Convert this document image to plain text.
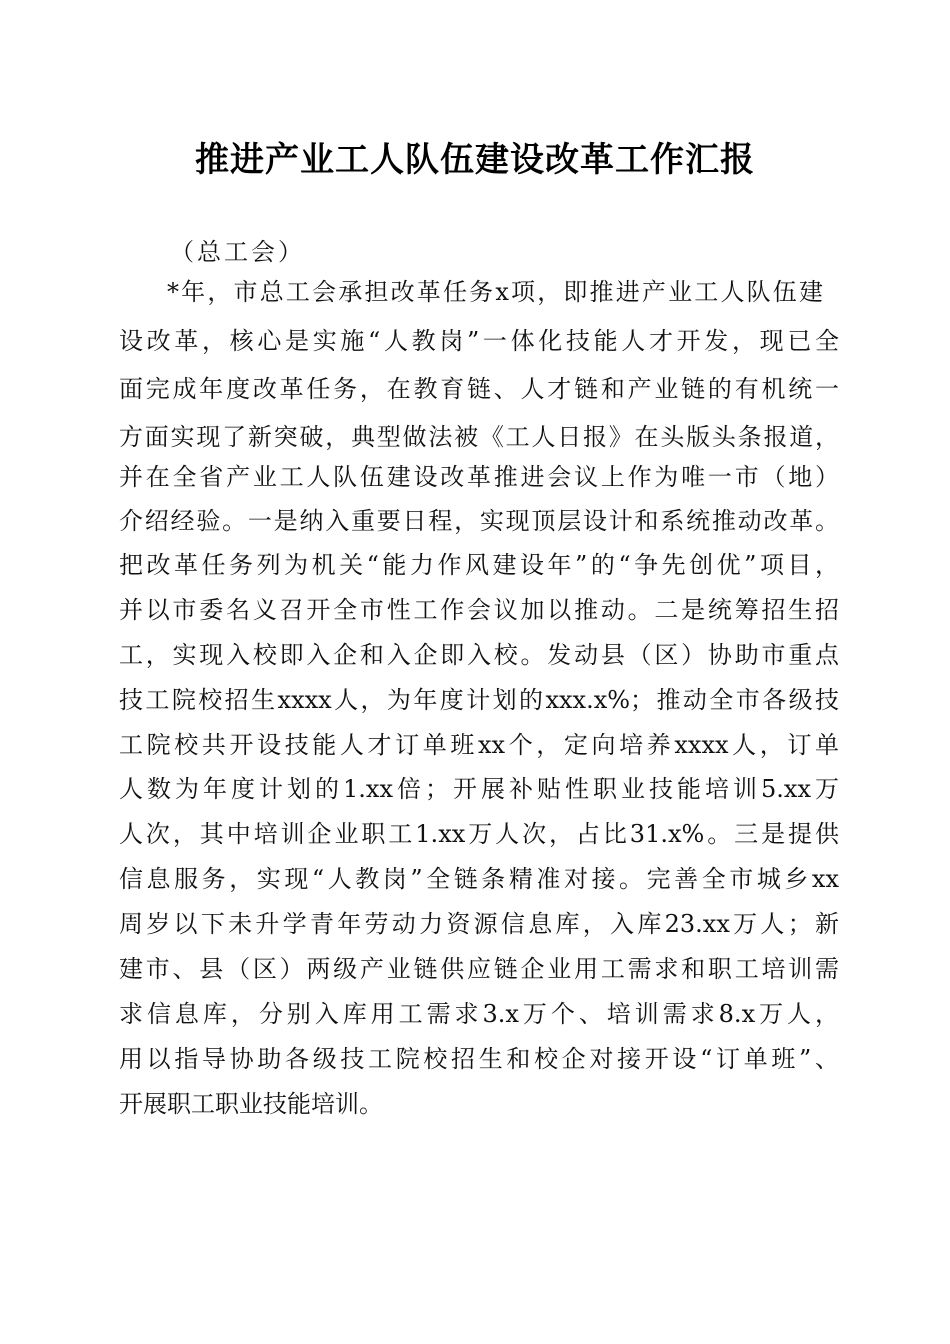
推进产业工人队伍建设改革工作汇报

（总工会）

*年，市总工会承担改革任务x项，即推进产业工人队伍建

设改革，核心是实施“人教岗”一体化技能人才开发，现已全

面完成年度改革任务，在教育链、人才链和产业链的有机统一

方面实现了新突破，典型做法被《工人日报》在头版头条报道，

并在全省产业工人队伍建设改革推进会议上作为唯一市（地）

介绍经验。一是纳入重要日程，实现顶层设计和系统推动改革。

把改革任务列为机关“能力作风建设年”的“争先创优”项目，

并以市委名义召开全市性工作会议加以推动。二是统筹招生招

工，实现入校即入企和入企即入校。发动县（区）协助市重点

技工院校招生xxxx人，为年度计划的xxx.x%；推动全市各级技

工院校共开设技能人才订单班xx个，定向培养xxxx人，订单

人数为年度计划的1.xx倍；开展补贴性职业技能培训5.xx万

人次，其中培训企业职工1.xx万人次，占比31.x%。三是提供

信息服务，实现“人教岗”全链条精准对接。完善全市城乡xx

周岁以下未升学青年劳动力资源信息库，入库23.xx万人；新

建市、县（区）两级产业链供应链企业用工需求和职工培训需

求信息库，分别入库用工需求3.x万个、培训需求8.x万人，

用以指导协助各级技工院校招生和校企对接开设“订单班”、

开展职工职业技能培训。
